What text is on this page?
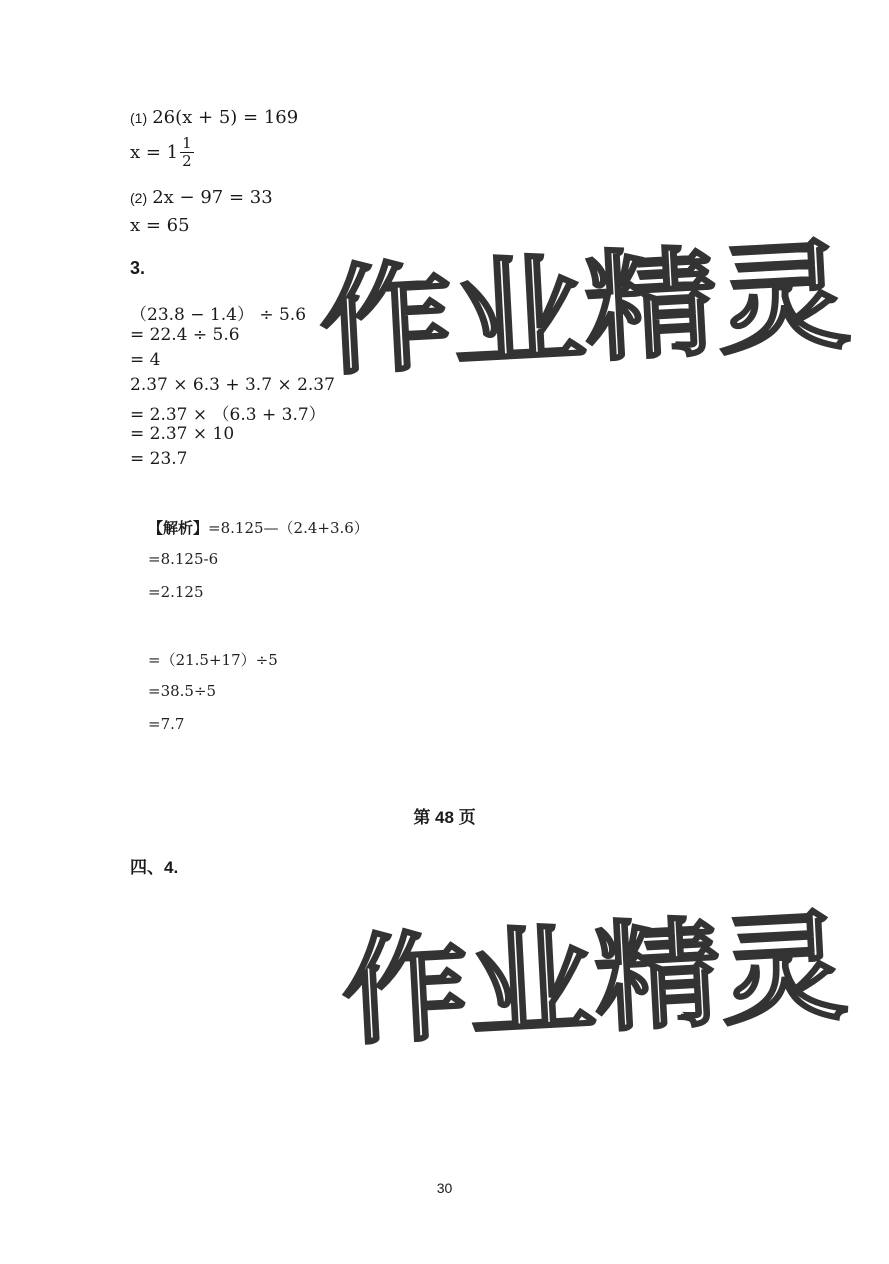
(1) 26(x + 5) = 169
$x = 1 \frac{1}{2}$
(2) 2x − 97 = 33
x = 65
3.
（23.8 − 1.4） ÷ 5.6
= 22.4 ÷ 5.6
= 4
2.37 × 6.3 + 3.7 × 2.37
= 2.37 × （6.3 + 3.7）
= 2.37 × 10
= 23.7
【解析】=8.125—（2.4+3.6）
=8.125-6
=2.125
=（21.5+17）÷5
=38.5÷5
=7.7
第 48 页
四、4.
作业精灵
作业精灵
30
